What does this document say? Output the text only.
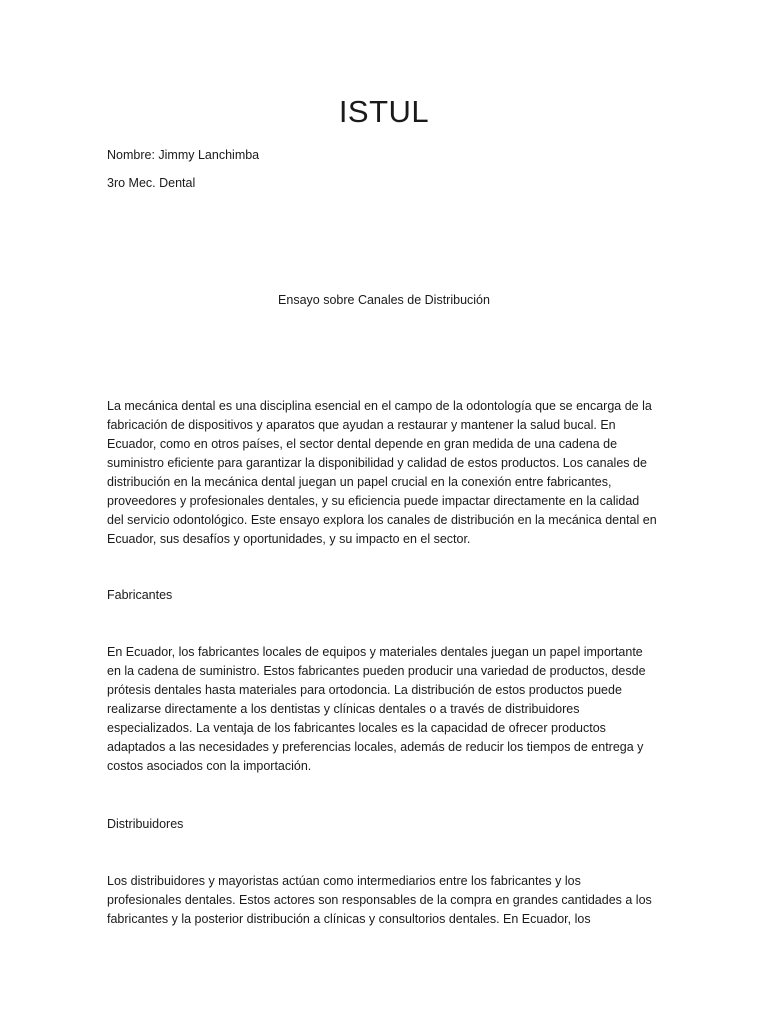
ISTUL
Nombre: Jimmy Lanchimba
3ro Mec. Dental
Ensayo sobre Canales de Distribución
La mecánica dental es una disciplina esencial en el campo de la odontología que se encarga de la
fabricación de dispositivos y aparatos que ayudan a restaurar y mantener la salud bucal. En
Ecuador, como en otros países, el sector dental depende en gran medida de una cadena de
suministro eficiente para garantizar la disponibilidad y calidad de estos productos. Los canales de
distribución en la mecánica dental juegan un papel crucial en la conexión entre fabricantes,
proveedores y profesionales dentales, y su eficiencia puede impactar directamente en la calidad
del servicio odontológico. Este ensayo explora los canales de distribución en la mecánica dental en
Ecuador, sus desafíos y oportunidades, y su impacto en el sector.
Fabricantes
En Ecuador, los fabricantes locales de equipos y materiales dentales juegan un papel importante
en la cadena de suministro. Estos fabricantes pueden producir una variedad de productos, desde
prótesis dentales hasta materiales para ortodoncia. La distribución de estos productos puede
realizarse directamente a los dentistas y clínicas dentales o a través de distribuidores
especializados. La ventaja de los fabricantes locales es la capacidad de ofrecer productos
adaptados a las necesidades y preferencias locales, además de reducir los tiempos de entrega y
costos asociados con la importación.
Distribuidores
Los distribuidores y mayoristas actúan como intermediarios entre los fabricantes y los
profesionales dentales. Estos actores son responsables de la compra en grandes cantidades a los
fabricantes y la posterior distribución a clínicas y consultorios dentales. En Ecuador, los
